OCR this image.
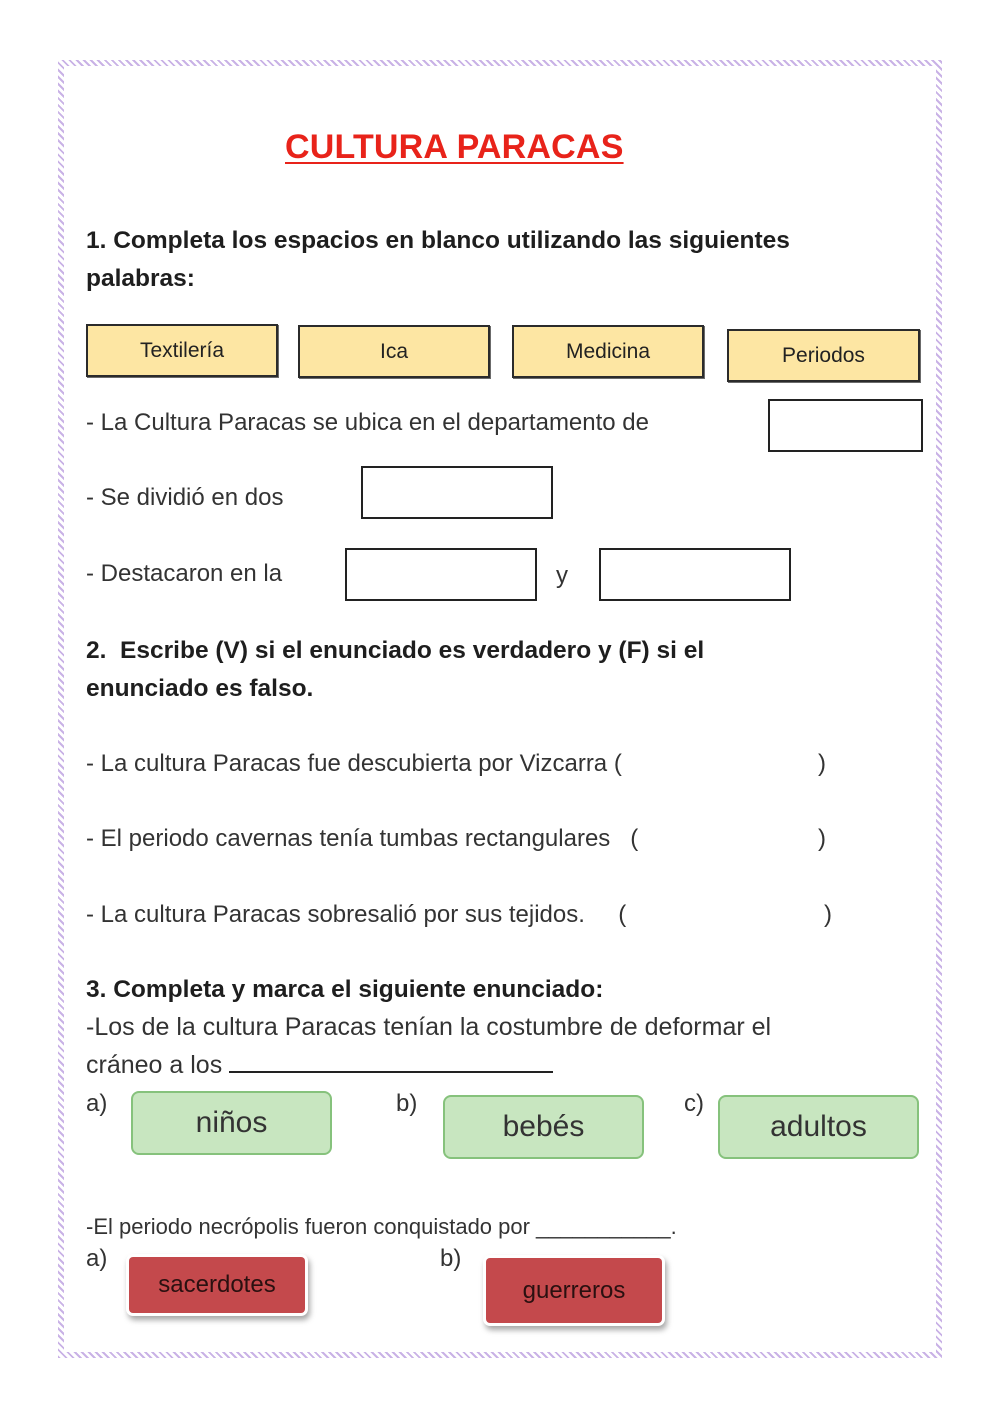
CULTURA PARACAS
1. Completa los espacios en blanco utilizando las siguientes
palabras:
Textilería	Ica	Medicina	Periodos
- La Cultura Paracas se ubica en el departamento de
- Se dividió en dos
- Destacaron en la	y
2.  Escribe (V) si el enunciado es verdadero y (F) si el
enunciado es falso.
- La cultura Paracas fue descubierta por Vizcarra (	)
- El periodo cavernas tenía tumbas rectangulares   (	)
- La cultura Paracas sobresalió por sus tejidos.     (	)
3. Completa y marca el siguiente enunciado:
-Los de la cultura Paracas tenían la costumbre de deformar el
cráneo a los
a)
niños
b)
bebés
c)
adultos
-El periodo necrópolis fueron conquistado por ___________.
a)
sacerdotes
b)
guerreros
